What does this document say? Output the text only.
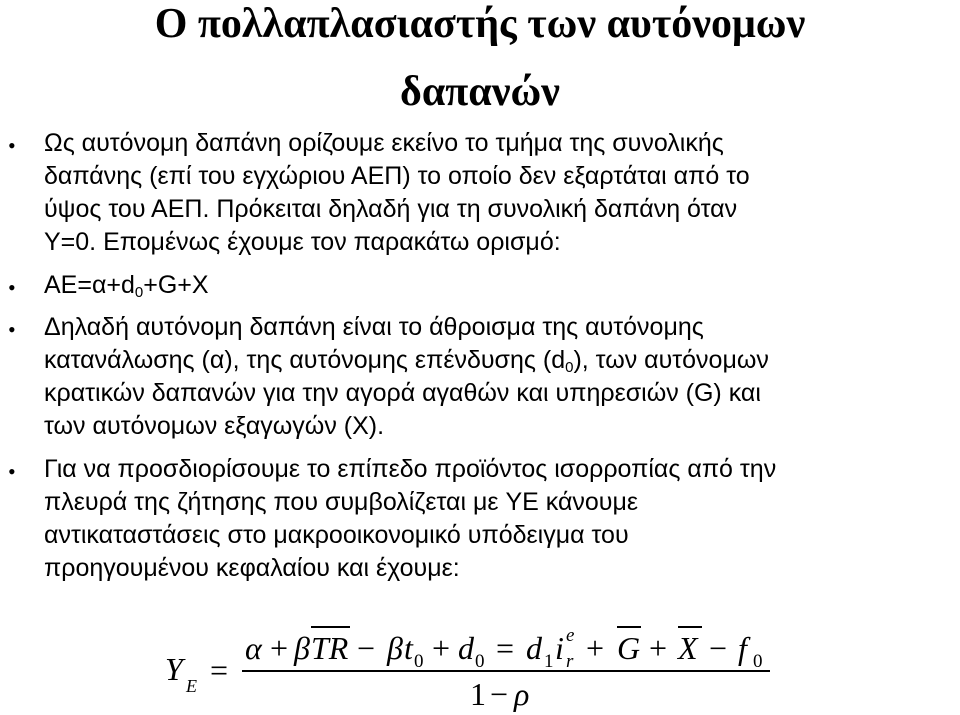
Ο πολλαπλασιαστής των αυτόνομων
δαπανών
• Ως αυτόνομη δαπάνη ορίζουμε εκείνο το τμήμα της συνολικής
δαπάνης (επί του εγχώριου ΑΕΠ) το οποίο δεν εξαρτάται από το
ύψος του ΑΕΠ. Πρόκειται δηλαδή για τη συνολική δαπάνη όταν
Y=0. Επομένως έχουμε τον παρακάτω ορισμό:
• $AE=\alpha+d_0+G+X$
• Δηλαδή αυτόνομη δαπάνη είναι το άθροισμα της αυτόνομης
κατανάλωσης (α), της αυτόνομης επένδυσης $(d_0)$, των αυτόνομων
κρατικών δαπανών για την αγορά αγαθών και υπηρεσιών (G) και
των αυτόνομων εξαγωγών (Χ).
• Για να προσδιορίσουμε το επίπεδο προϊόντος ισορροπίας από την
πλευρά της ζήτησης που συμβολίζεται με YE κάνουμε
αντικαταστάσεις στο μακροοικονομικό υπόδειγμα του
προηγουμένου κεφαλαίου και έχουμε:
Y E =
α + β TR − β t 0 + d 0 = d 1 i e
r + G + X − f 0
1 − ρ
